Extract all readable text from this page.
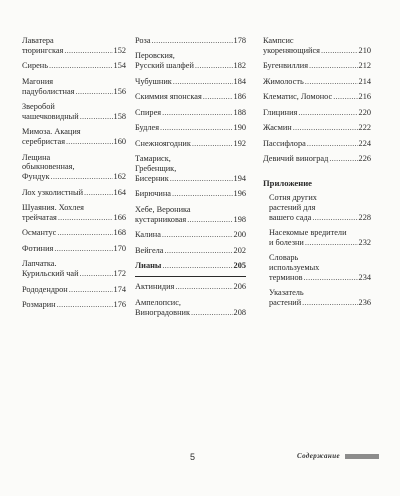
Лаватера
тюрингская .....	152
Сирень .....	154
Магония
падуболистная .....	156
Зверобой
чашечковидный .....	158
Мимоза. Акация
серебристая .....	160
Лещина
обыкновенная,
Фундук .....	162
Лох узколистный .....	164
Шуаяния. Хохлея
трейчатая .....	166
Османтус .....	168
Фотиния .....	170
Лапчатка.
Курильский чай .....	172
Рододендрон .....	174
Розмарин .....	176
Роза .....	178
Перовския,
Русский шалфей .....	182
Чубушник .....	184
Скиммия японская .....	186
Спирея .....	188
Будлея .....	190
Снежноягодник .....	192
Тамариск,
Гребенщик,
Бисерник .....	194
Бирючина .....	196
Хебе, Вероника
кустарниковая .....	198
Калина .....	200
Вейгела .....	202
Лианы .....	205
Актинидия .....	206
Ампелопсис,
Виноградовник .....	208
Кампсис
укореняющийся .....	210
Бугенвиллия .....	212
Жимолость .....	214
Клематис, Ломонос .....	216
Глициния .....	220
Жасмин .....	222
Пассифлора .....	224
Девичий виноград .....	226
Приложение
Сотня других
растений для
вашего сада .....	228
Насекомые вредители
и болезни .....	232
Словарь
используемых
терминов .....	234
Указатель
растений .....	236
5	Содержание
